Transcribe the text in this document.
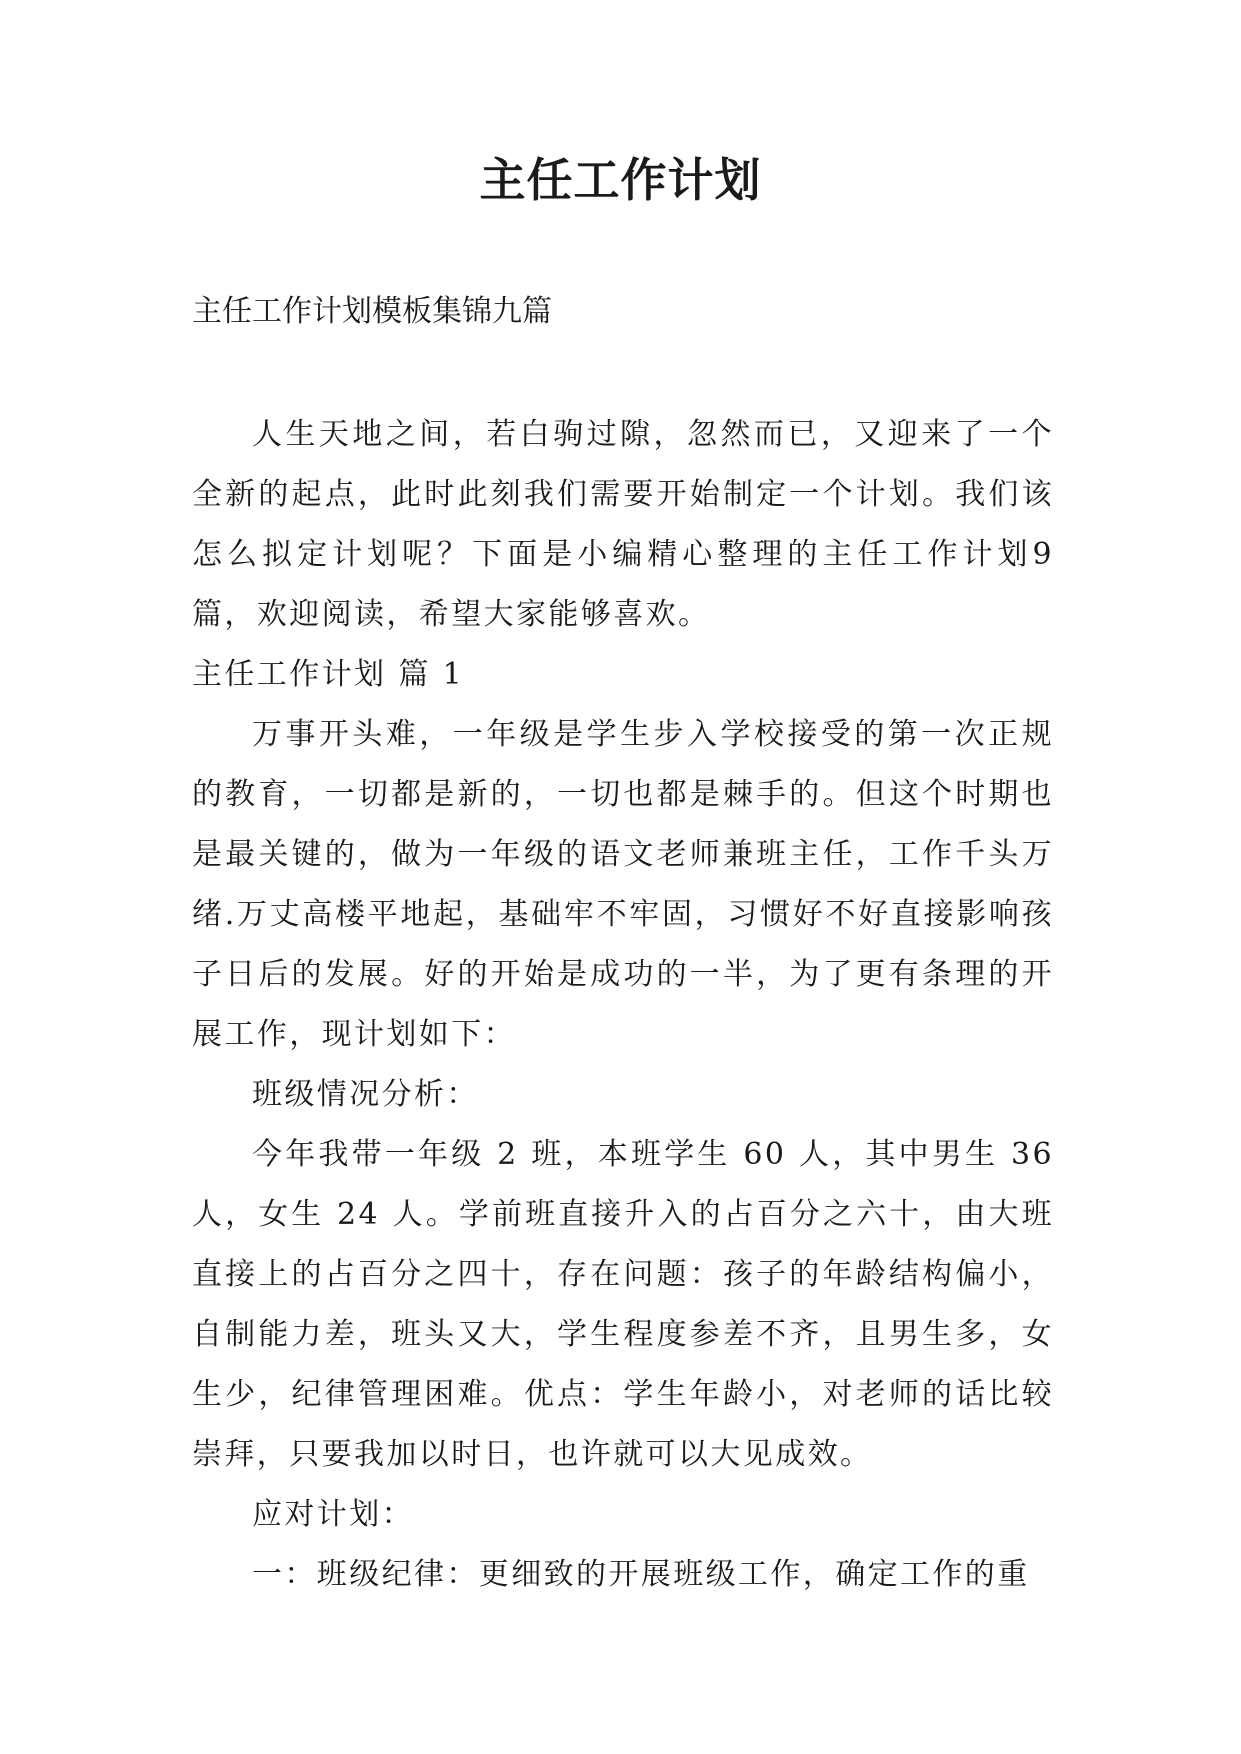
主任工作计划
主任工作计划模板集锦九篇

人生天地之间，若白驹过隙，忽然而已，又迎来了一个全新的起点，此时此刻我们需要开始制定一个计划。我们该怎么拟定计划呢？下面是小编精心整理的主任工作计划9篇，欢迎阅读，希望大家能够喜欢。

主任工作计划 篇 1

万事开头难，一年级是学生步入学校接受的第一次正规的教育，一切都是新的，一切也都是棘手的。但这个时期也是最关键的，做为一年级的语文老师兼班主任，工作千头万绪.万丈高楼平地起，基础牢不牢固，习惯好不好直接影响孩子日后的发展。好的开始是成功的一半，为了更有条理的开展工作，现计划如下：

班级情况分析：

今年我带一年级 2 班，本班学生 60 人，其中男生 36 人，女生 24 人。学前班直接升入的占百分之六十，由大班直接上的占百分之四十，存在问题：孩子的年龄结构偏小，自制能力差，班头又大，学生程度参差不齐，且男生多，女生少，纪律管理困难。优点：学生年龄小，对老师的话比较崇拜，只要我加以时日，也许就可以大见成效。

应对计划：

一：班级纪律：更细致的开展班级工作，确定工作的重
